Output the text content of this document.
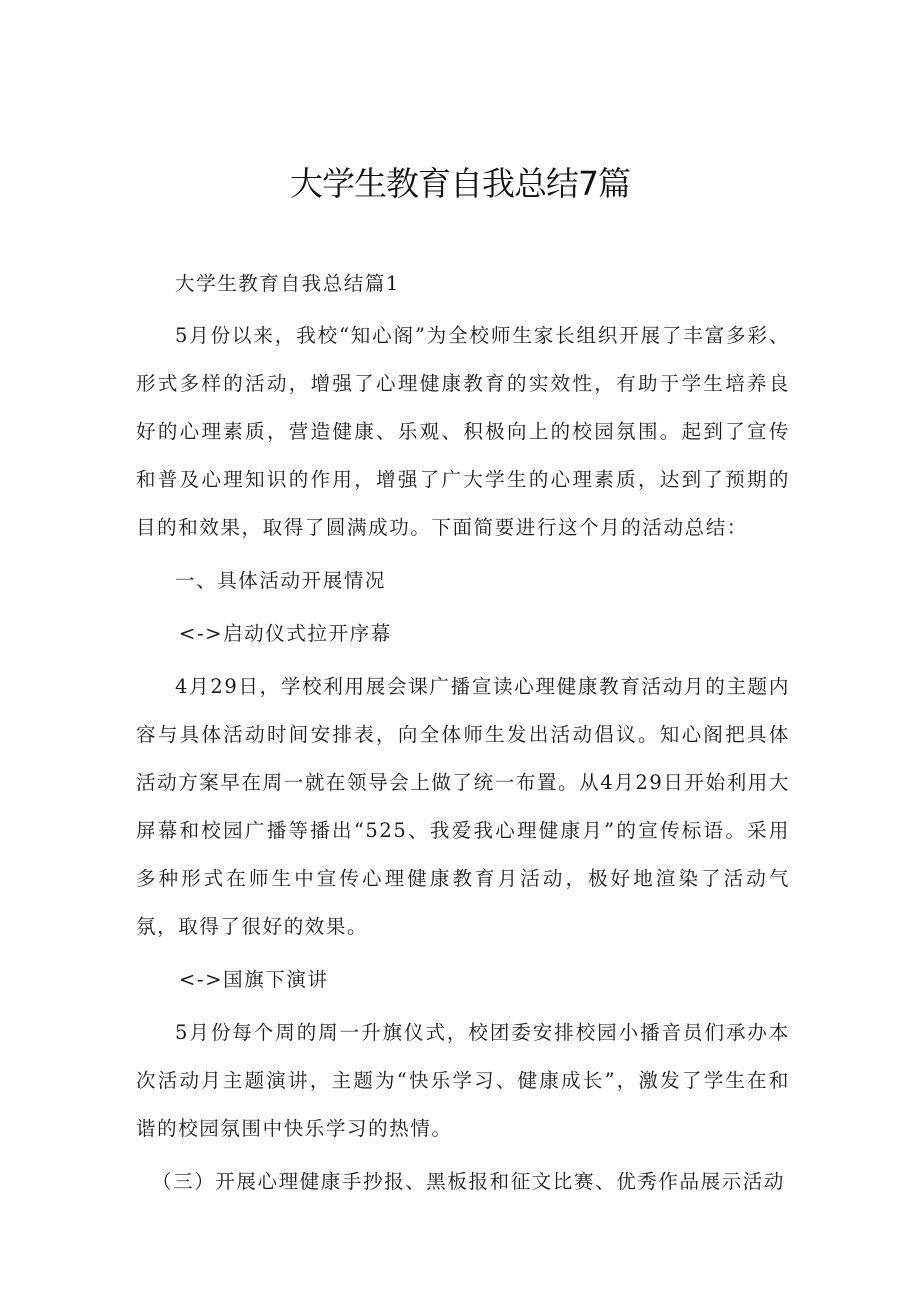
大学生教育自我总结7篇

大学生教育自我总结篇1

5月份以来，我校“知心阁”为全校师生家长组织开展了丰富多彩、形式多样的活动，增强了心理健康教育的实效性，有助于学生培养良好的心理素质，营造健康、乐观、积极向上的校园氛围。起到了宣传和普及心理知识的作用，增强了广大学生的心理素质，达到了预期的目的和效果，取得了圆满成功。下面简要进行这个月的活动总结：

一、具体活动开展情况

<->启动仪式拉开序幕

4月29日，学校利用展会课广播宣读心理健康教育活动月的主题内容与具体活动时间安排表，向全体师生发出活动倡议。知心阁把具体活动方案早在周一就在领导会上做了统一布置。从4月29日开始利用大屏幕和校园广播等播出“525、我爱我心理健康月”的宣传标语。采用多种形式在师生中宣传心理健康教育月活动，极好地渲染了活动气氛，取得了很好的效果。

<->国旗下演讲

5月份每个周的周一升旗仪式，校团委安排校园小播音员们承办本次活动月主题演讲，主题为“快乐学习、健康成长”，激发了学生在和谐的校园氛围中快乐学习的热情。

（三）开展心理健康手抄报、黑板报和征文比赛、优秀作品展示活动
